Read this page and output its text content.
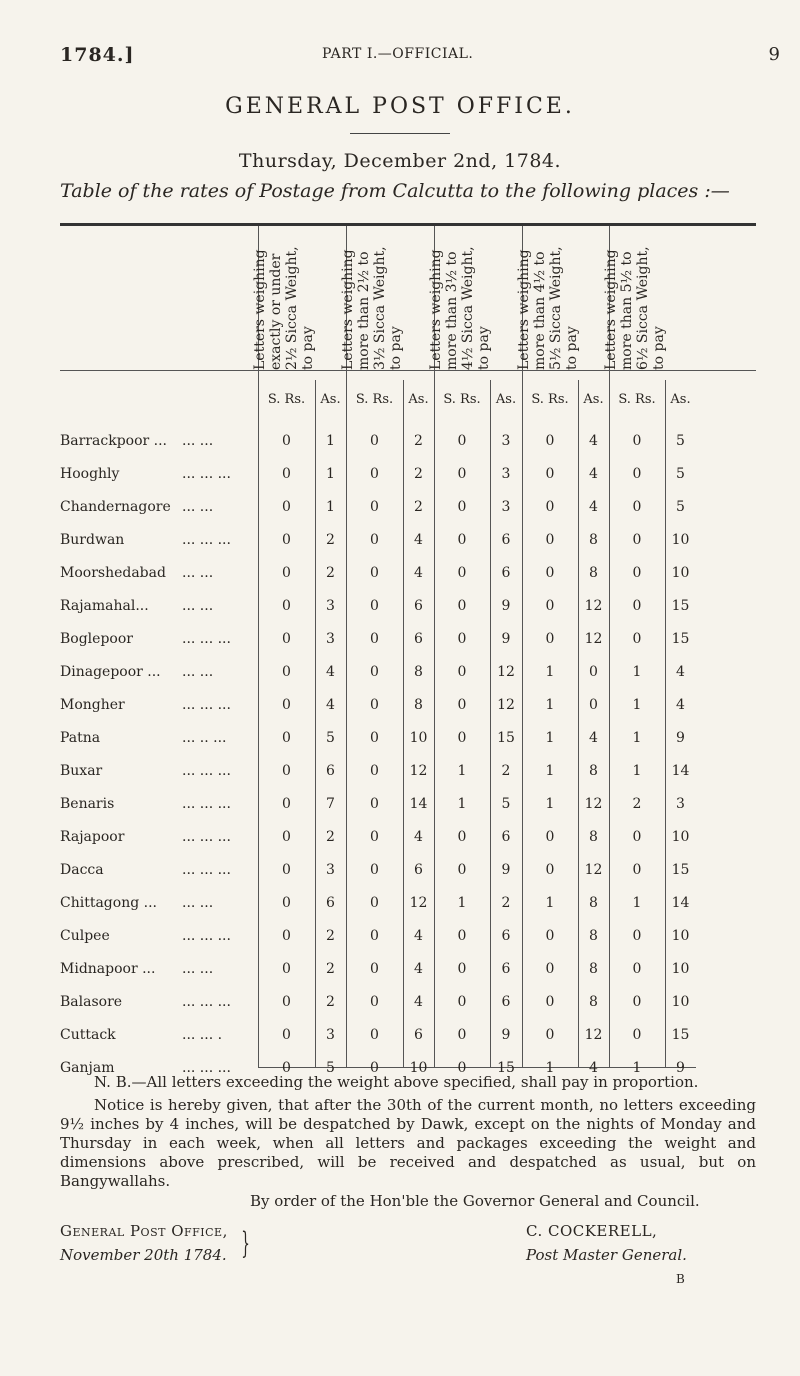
1784.]	PART I.—OFFICIAL.	9
GENERAL POST OFFICE.
Thursday, December 2nd, 1784.
Table of the rates of Postage from Calcutta to the following places :—
Letters weighing exactly or under 2½ Sicca Weight, to pay Letters weighing more than 2½ to 3½ Sicca Weight, to pay Letters weighing more than 3½ to 4½ Sicca Weight, to pay Letters weighing more than 4½ to 5½ Sicca Weight, to pay Letters weighing more than 5½ to 6½ Sicca Weight, to pay
S. Rs. As. S. Rs. As. S. Rs. As. S. Rs. As. S. Rs. As.
Barrackpoor ... ... ...	0	1	0	2 0	3	0 4 0 5
Hooghly	... ... ...	0	1	0	2 0	3	0 4 0 5
Chandernagore ... ...	0	1	0	2 0	3	0 4 0 5
Burdwan	... ... ...	0	2	0	4 0	6	0 8 0 10
Moorshedabad ... ...	0	2	0	4 0	6	0 8 0 10
Rajamahal... ... ...	0	3	0	6 0	9	0 12 0 15
Boglepoor	... ... ...	0	3	0	6 0	9	0 12 0 15
Dinagepoor ... ... ...	0	4	0	8 0 12 1 0 1 4
Mongher	... ... ...	0	4	0	8 0 12 1 0 1 4
Patna	... .. ...	0	5	0 10 0 15 1 4 1 9
Buxar	... ... ...	0	6	0 12 1	2	1 8 1 14
Benaris	... ... ...	0	7	0 14 1	5	1 12 2 3
Rajapoor	... ... ...	0	2	0	4 0	6	0 8 0 10
Dacca	... ... ...	0	3	0	6 0	9	0 12 0 15
Chittagong ... ... ...	0	6	0 12 1	2	1 8 1 14
Culpee	... ... ...	0	2	0	4 0	6	0 8 0 10
Midnapoor ... ... ...	0	2	0	4 0	6	0 8 0 10
Balasore	... ... ...	0	2	0	4 0	6	0 8 0 10
Cuttack	... ... .	0	3	0	6 0	9	0 12 0 15
Ganjam	... ... ...	0	5	0 10 0 15 1 4 1 9
N. B.—All letters exceeding the weight above specified, shall pay in proportion.
Notice is hereby given, that after the 30th of the current month, no letters exceeding 9½ inches by 4 inches, will be despatched by Dawk, except on the nights of Monday and Thursday in each week, when all letters and packages exceeding the weight and dimensions above prescribed, will be received and despatched as usual, but on Bangywallahs.
By order of the Hon'ble the Governor General and Council.
General Post Office,
November 20th 1784. }	C. COCKERELL,
Post Master General.
B
